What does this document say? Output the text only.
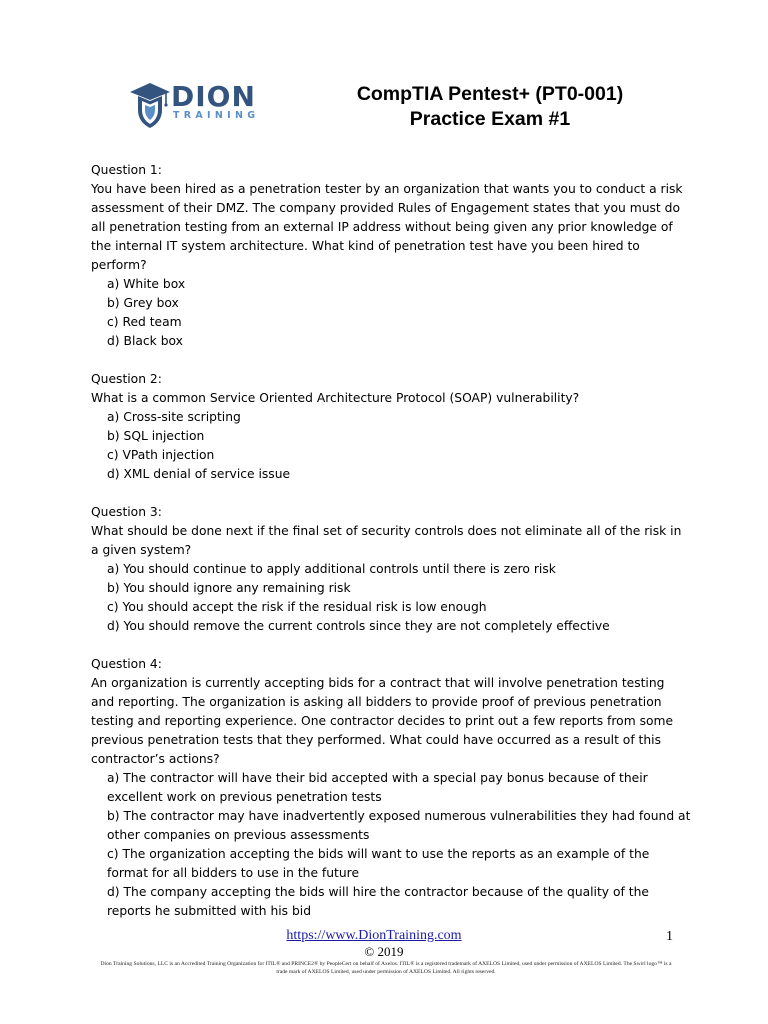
DION
TRAINING
CompTIA Pentest+ (PT0-001)
Practice Exam #1
Question 1:
You have been hired as a penetration tester by an organization that wants you to conduct a risk assessment of their DMZ. The company provided Rules of Engagement states that you must do all penetration testing from an external IP address without being given any prior knowledge of the internal IT system architecture. What kind of penetration test have you been hired to perform?
a) White box
b) Grey box
c) Red team
d) Black box
Question 2:
What is a common Service Oriented Architecture Protocol (SOAP) vulnerability?
a) Cross-site scripting
b) SQL injection
c) VPath injection
d) XML denial of service issue
Question 3:
What should be done next if the final set of security controls does not eliminate all of the risk in a given system?
a) You should continue to apply additional controls until there is zero risk
b) You should ignore any remaining risk
c) You should accept the risk if the residual risk is low enough
d) You should remove the current controls since they are not completely effective
Question 4:
An organization is currently accepting bids for a contract that will involve penetration testing and reporting. The organization is asking all bidders to provide proof of previous penetration testing and reporting experience. One contractor decides to print out a few reports from some previous penetration tests that they performed. What could have occurred as a result of this contractor’s actions?
a) The contractor will have their bid accepted with a special pay bonus because of their excellent work on previous penetration tests
b) The contractor may have inadvertently exposed numerous vulnerabilities they had found at other companies on previous assessments
c) The organization accepting the bids will want to use the reports as an example of the format for all bidders to use in the future
d) The company accepting the bids will hire the contractor because of the quality of the reports he submitted with his bid
https://www.DionTraining.com	1
© 2019
Dion Training Solutions, LLC is an Accredited Training Organization for ITIL® and PRINCE2® by PeopleCert on behalf of Axelos. ITIL® is a registered trademark of AXELOS Limited, used under permission of AXELOS Limited. The Swirl logo™ is a trade mark of AXELOS Limited, used under permission of AXELOS Limited. All rights reserved.
